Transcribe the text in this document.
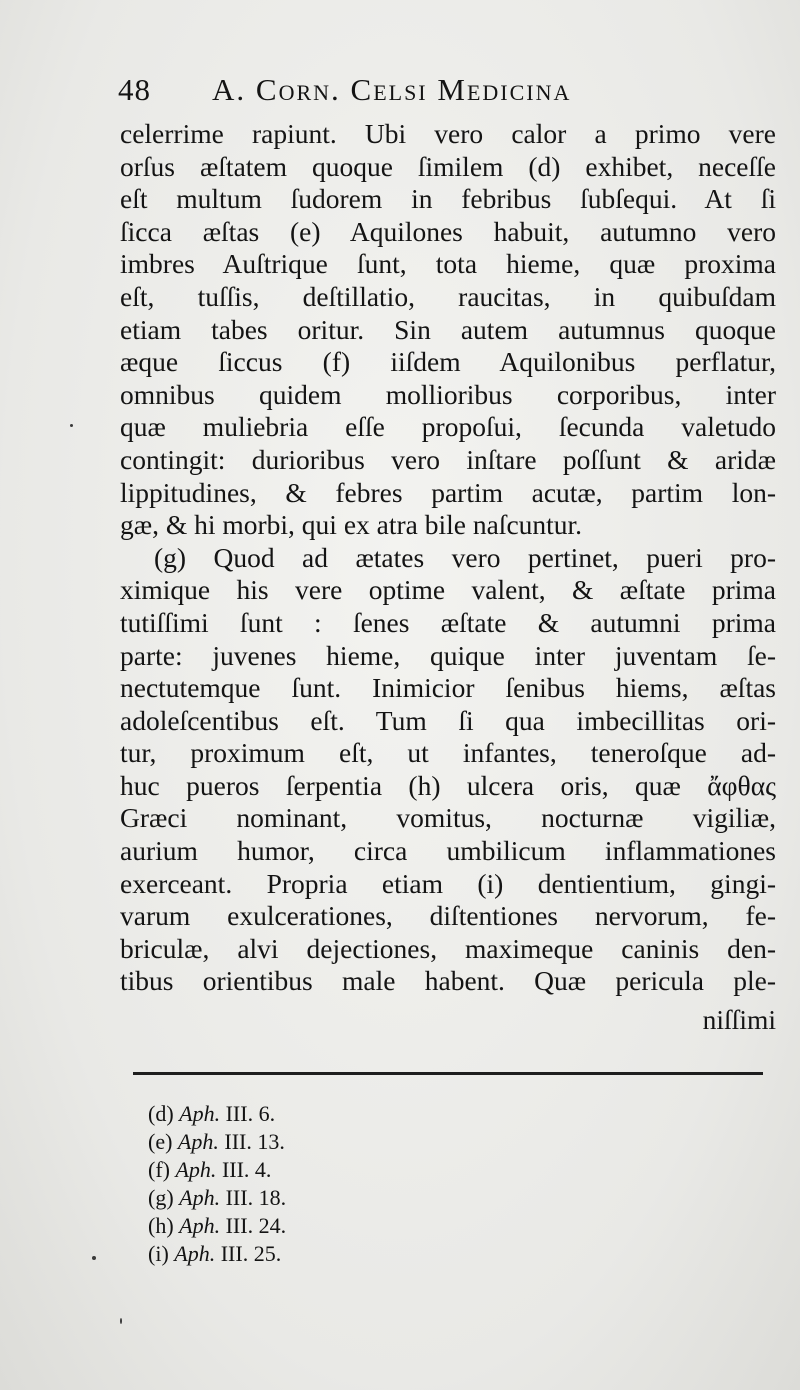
48 A. Corn. Celsi Medicina
celerrime rapiunt. Ubi vero calor a primo vere
orſus æſtatem quoque ſimilem (d) exhibet, neceſſe
eſt multum ſudorem in febribus ſubſequi. At ſi
ſicca æſtas (e) Aquilones habuit, autumno vero
imbres Auſtrique ſunt, tota hieme, quæ proxima
eſt, tuſſis, deſtillatio, raucitas, in quibuſdam
etiam tabes oritur. Sin autem autumnus quoque
æque ſiccus (f) iiſdem Aquilonibus perflatur,
omnibus quidem mollioribus corporibus, inter
quæ muliebria eſſe propoſui, ſecunda valetudo
contingit: durioribus vero inſtare poſſunt & aridæ
lippitudines, & febres partim acutæ, partim lon-
gæ, & hi morbi, qui ex atra bile naſcuntur.
(g) Quod ad ætates vero pertinet, pueri pro-
ximique his vere optime valent, & æſtate prima
tutiſſimi ſunt : ſenes æſtate & autumni prima
parte: juvenes hieme, quique inter juventam ſe-
nectutemque ſunt. Inimicior ſenibus hiems, æſtas
adoleſcentibus eſt. Tum ſi qua imbecillitas ori-
tur, proximum eſt, ut infantes, teneroſque ad-
huc pueros ſerpentia (h) ulcera oris, quæ ἄφθας
Græci nominant, vomitus, nocturnæ vigiliæ,
aurium humor, circa umbilicum inflammationes
exerceant. Propria etiam (i) dentientium, gingi-
varum exulcerationes, diſtentiones nervorum, fe-
briculæ, alvi dejectiones, maximeque caninis den-
tibus orientibus male habent. Quæ pericula ple-
niſſimi
(d) Aph. III. 6.
(e) Aph. III. 13.
(f) Aph. III. 4.
(g) Aph. III. 18.
(h) Aph. III. 24.
(i) Aph. III. 25.
